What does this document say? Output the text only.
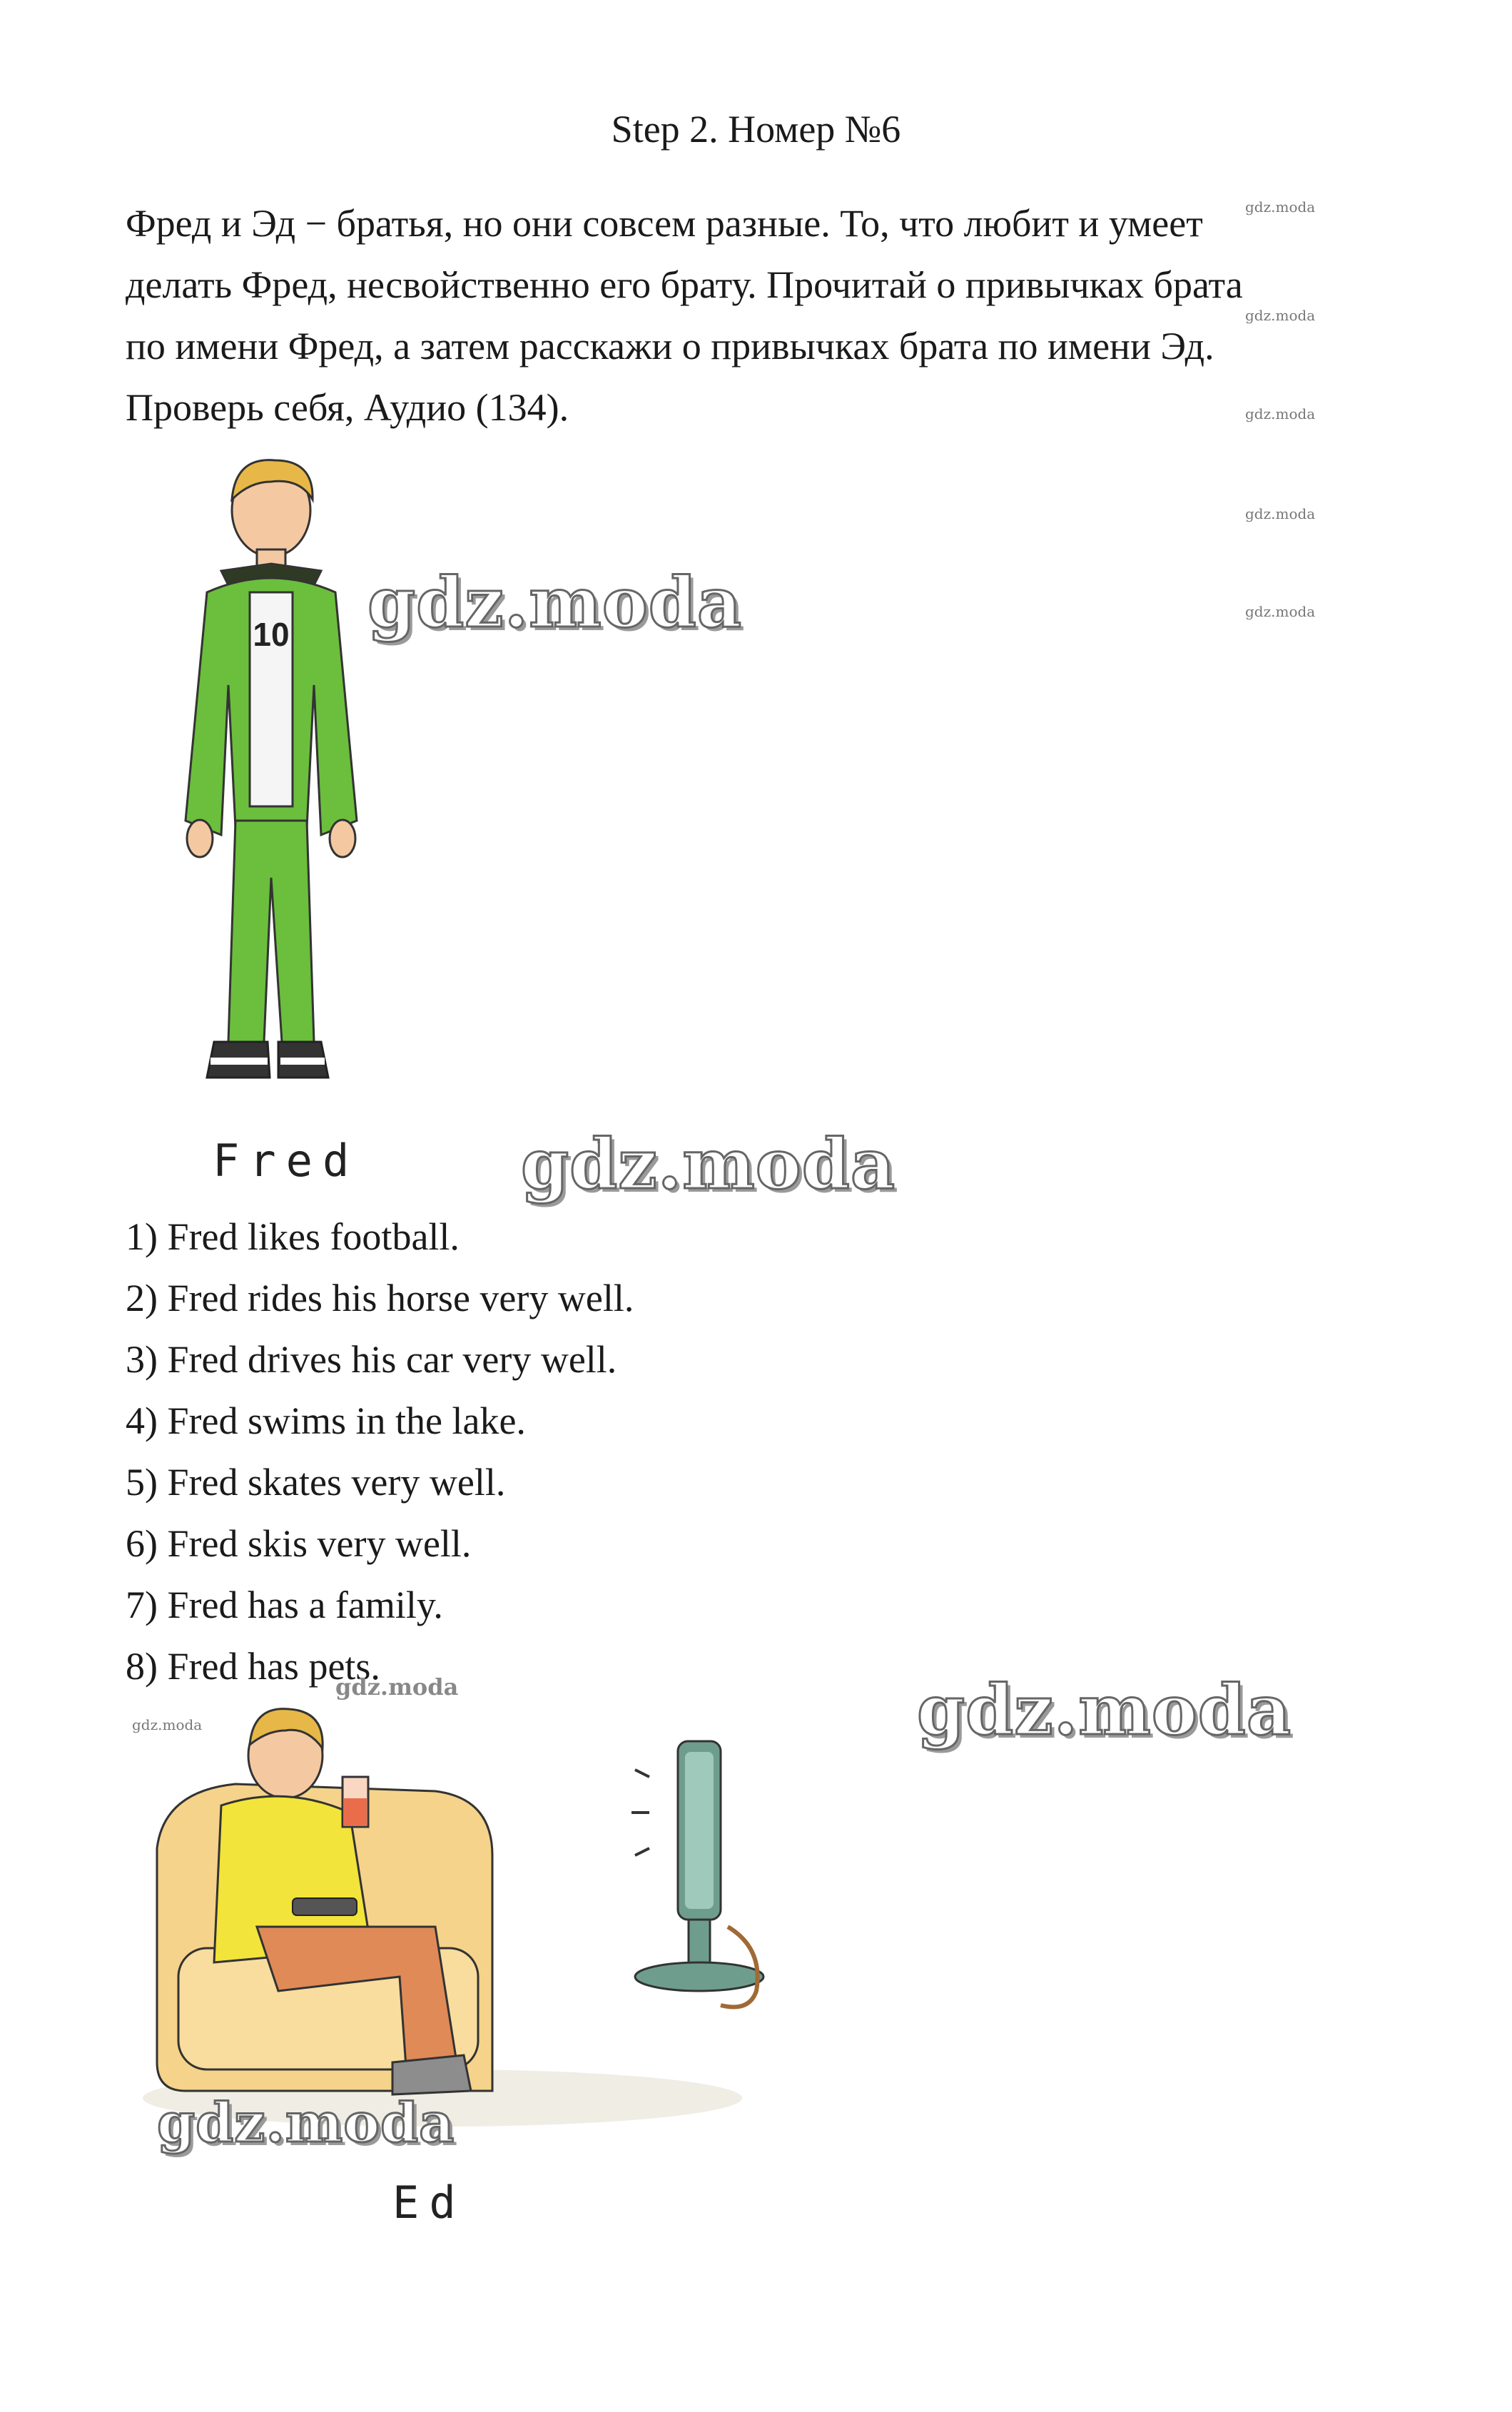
Step 2. Номер №6

Фред и Эд − братья, но они совсем разные. То, что любит и умеет
делать Фред, несвойственно его брату. Прочитай о привычках брата
по имени Фред, а затем расскажи о привычках брата по имени Эд.
Проверь себя, Аудио (134).

10
Fred
1) Fred likes football.
2) Fred rides his horse very well.
3) Fred drives his car very well.
4) Fred swims in the lake.
5) Fred skates very well.
6) Fred skis very well.
7) Fred has a family.
8) Fred has pets.
Ed
gdz.moda
gdz.moda
gdz.moda
gdz.moda
gdz.moda
gdz.moda
gdz.moda
gdz.moda
gdz.moda
gdz.moda
gdz.moda
